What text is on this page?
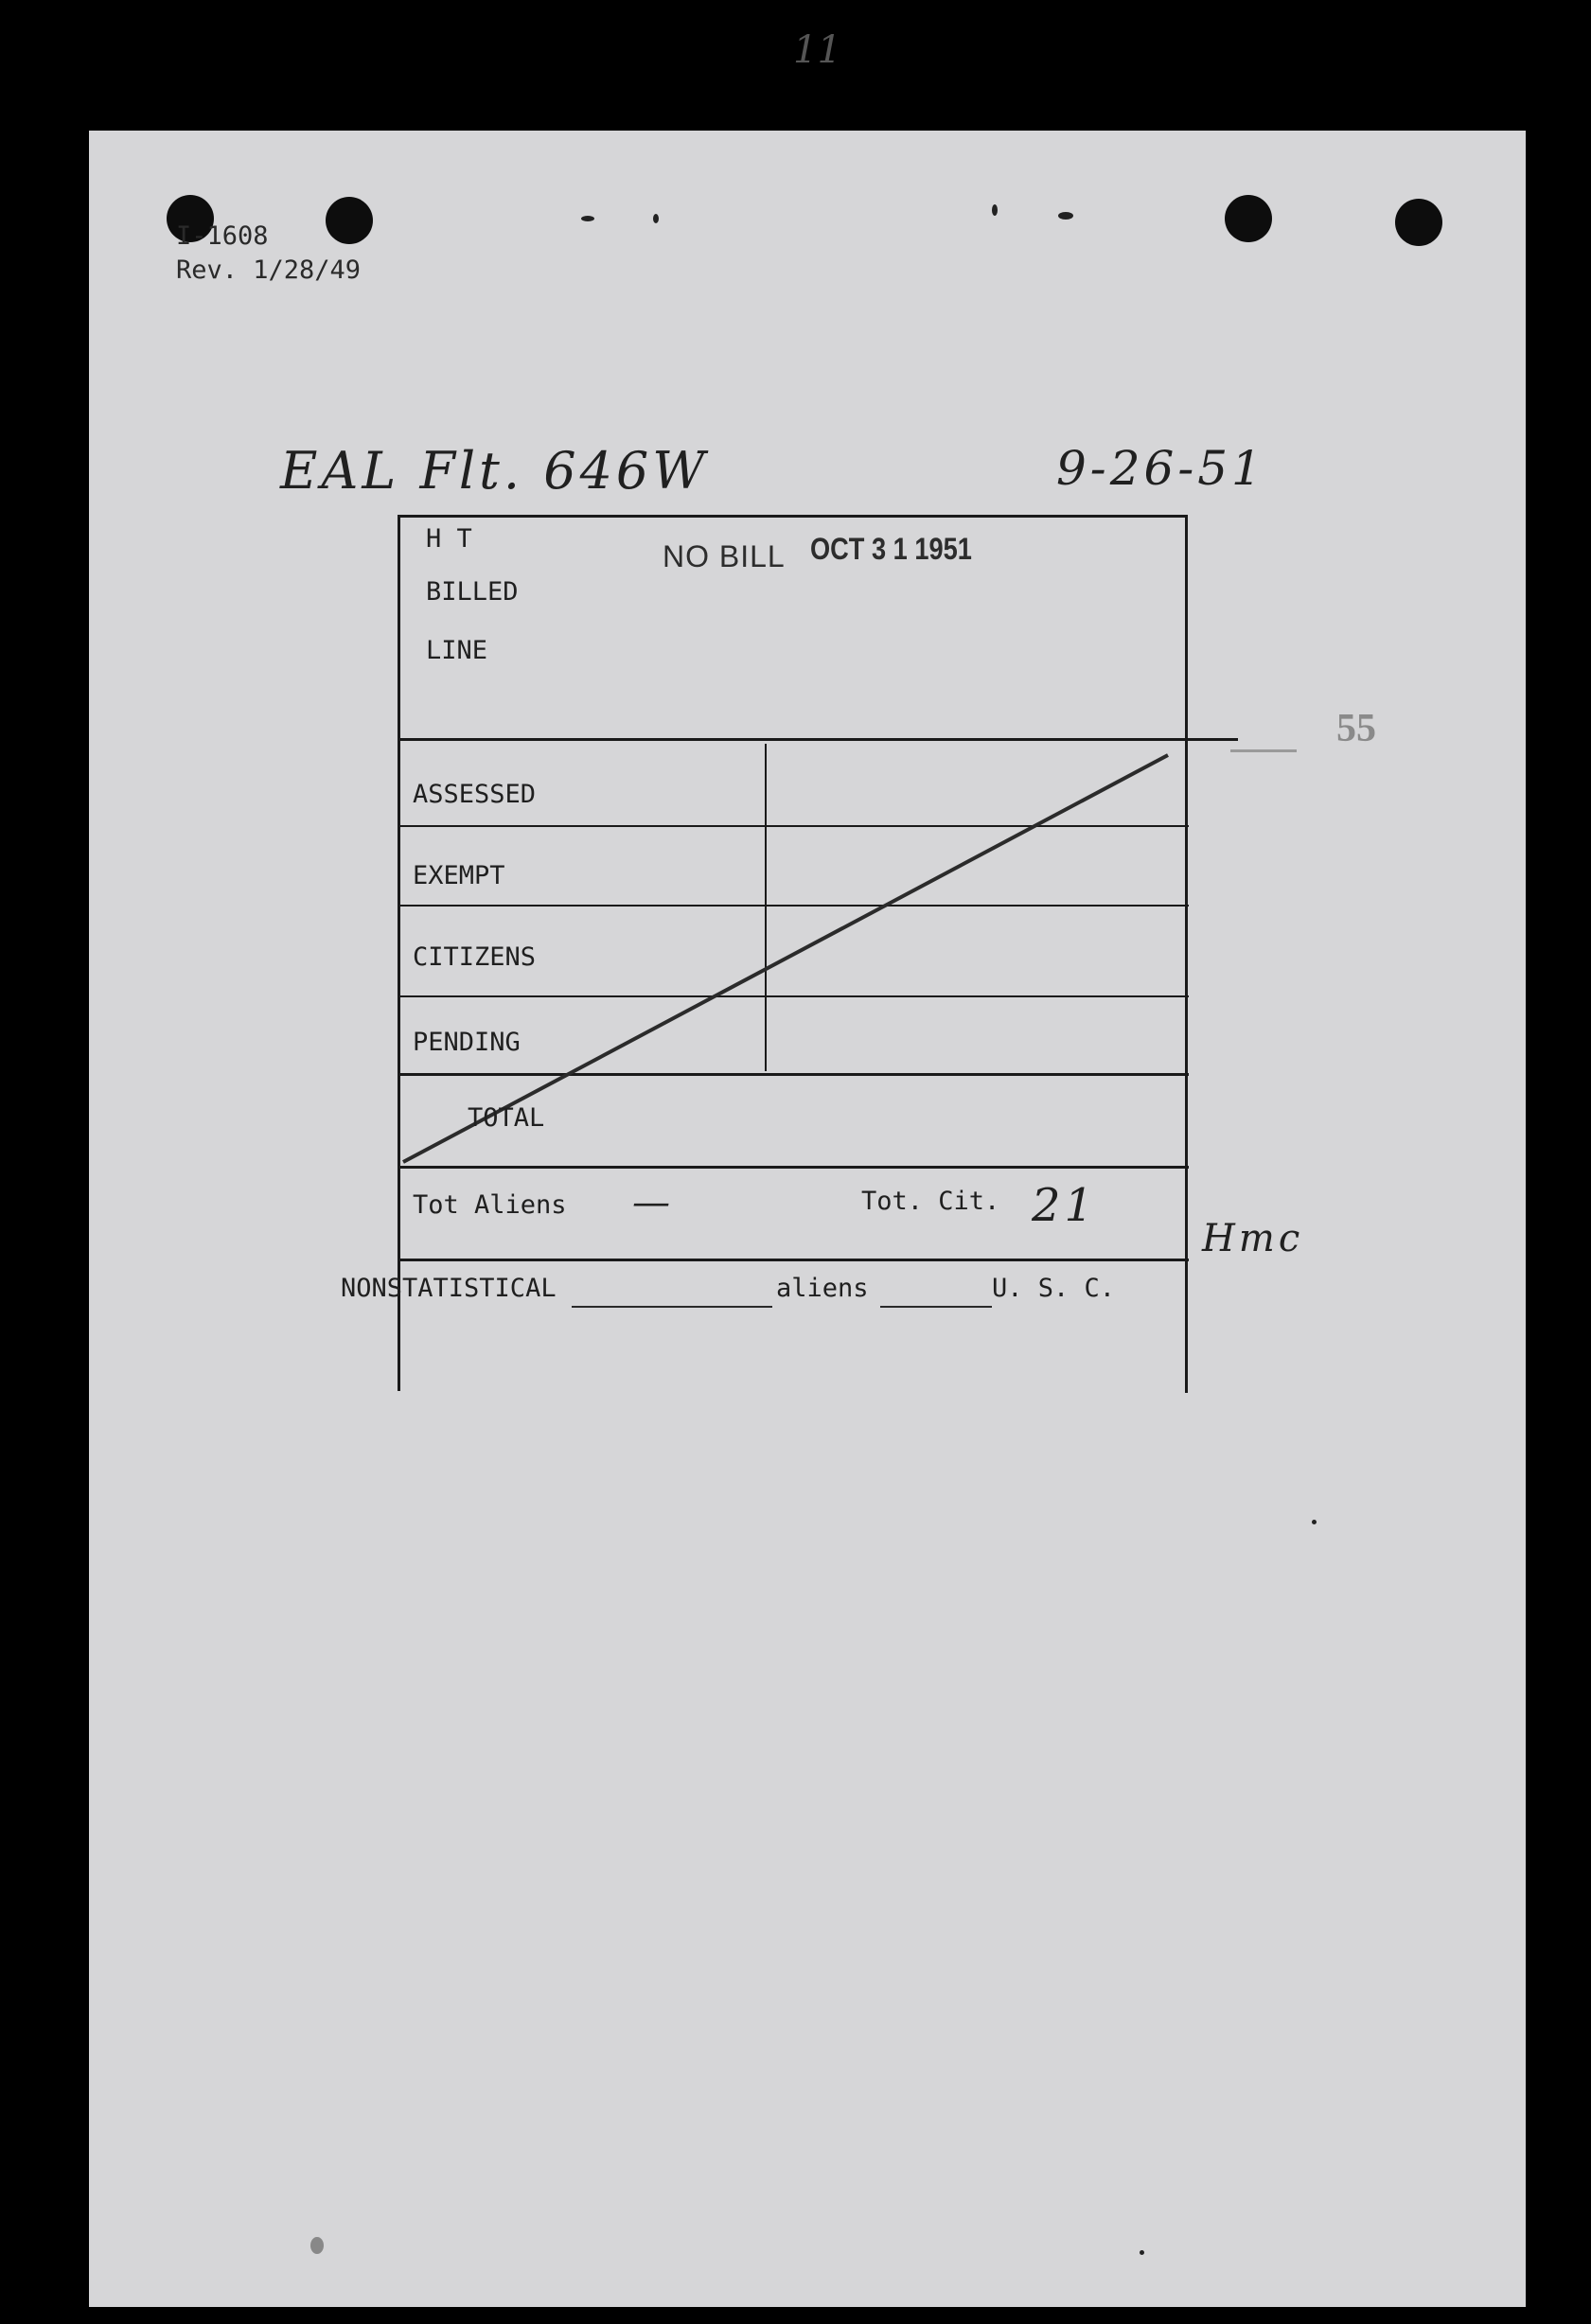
11
I-1608
Rev. 1/28/49
EAL Flt. 646W	9-26-51
NO BILL OCT 3 1 1951
55
H T
BILLED
LINE
ASSESSED
EXEMPT
CITIZENS
PENDING
TOTAL
Tot Aliens —	Tot. Cit. 21
Hmc
NONSTATISTICAL	aliens	U. S. C.
